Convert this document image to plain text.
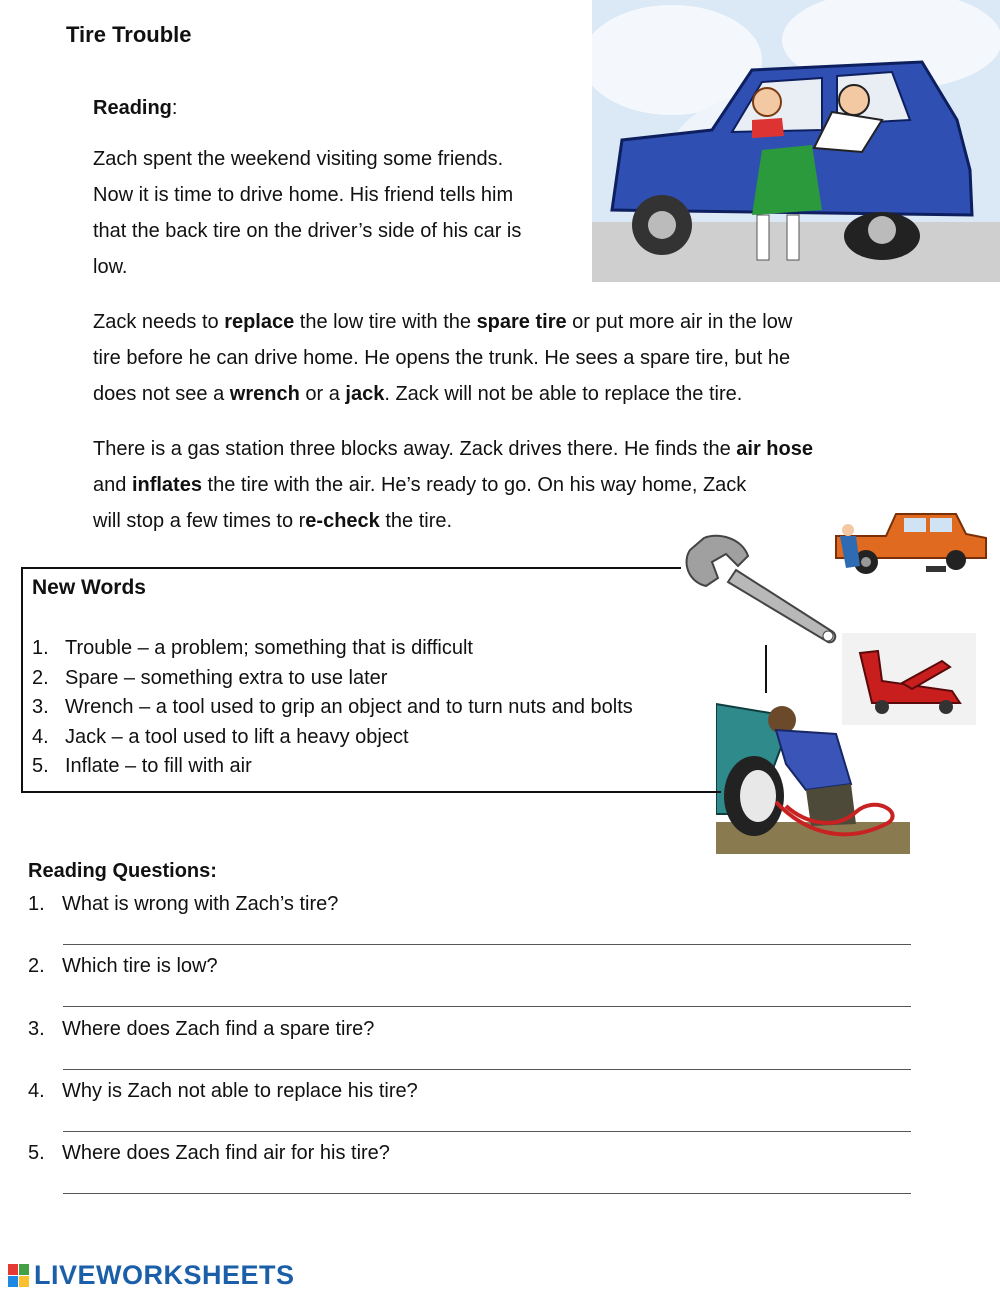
Tire Trouble
Reading:
Zach spent the weekend visiting some friends.
Now it is time to drive home. His friend tells him
that the back tire on the driver’s side of his car is
low.
Zack needs to replace the low tire with the spare tire or put more air in the low
tire before he can drive home. He opens the trunk. He sees a spare tire, but he
does not see a wrench or a jack. Zack will not be able to replace the tire.
There is a gas station three blocks away. Zack drives there. He finds the air hose
and inflates the tire with the air. He’s ready to go. On his way home, Zack
will stop a few times to re-check the tire.
New Words
1. Trouble – a problem; something that is difficult
2. Spare – something extra to use later
3. Wrench – a tool used to grip an object and to turn nuts and bolts
4. Jack – a tool used to lift a heavy object
5. Inflate – to fill with air
Reading Questions:
1. What is wrong with Zach’s tire?
2. Which tire is low?
3. Where does Zach find a spare tire?
4. Why is Zach not able to replace his tire?
5. Where does Zach find air for his tire?
LIVEWORKSHEETS
